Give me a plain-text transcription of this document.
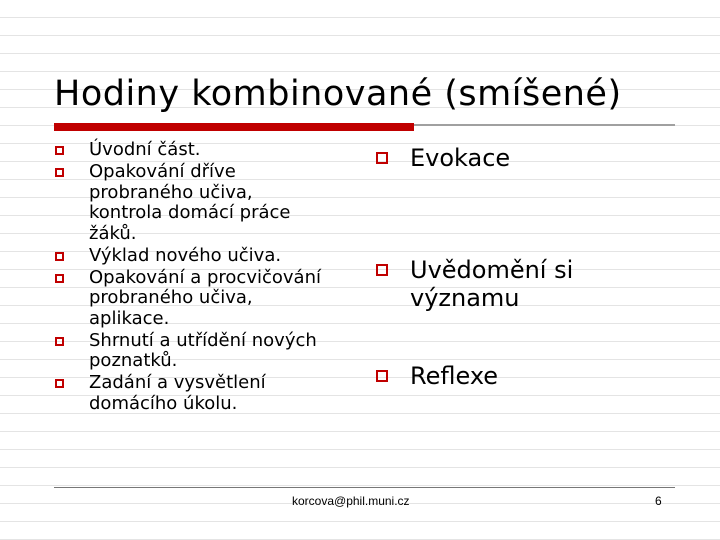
Hodiny kombinované (smíšené)
Úvodní část.
Opakování dříve
probraného učiva,
kontrola domácí práce
žáků.
Výklad nového učiva.
Opakování a procvičování
probraného učiva,
aplikace.
Shrnutí a utřídění nových
poznatků.
Zadání a vysvětlení
domácího úkolu.
Evokace
Uvědomění si
významu
Reflexe
korcova@phil.muni.cz	6
